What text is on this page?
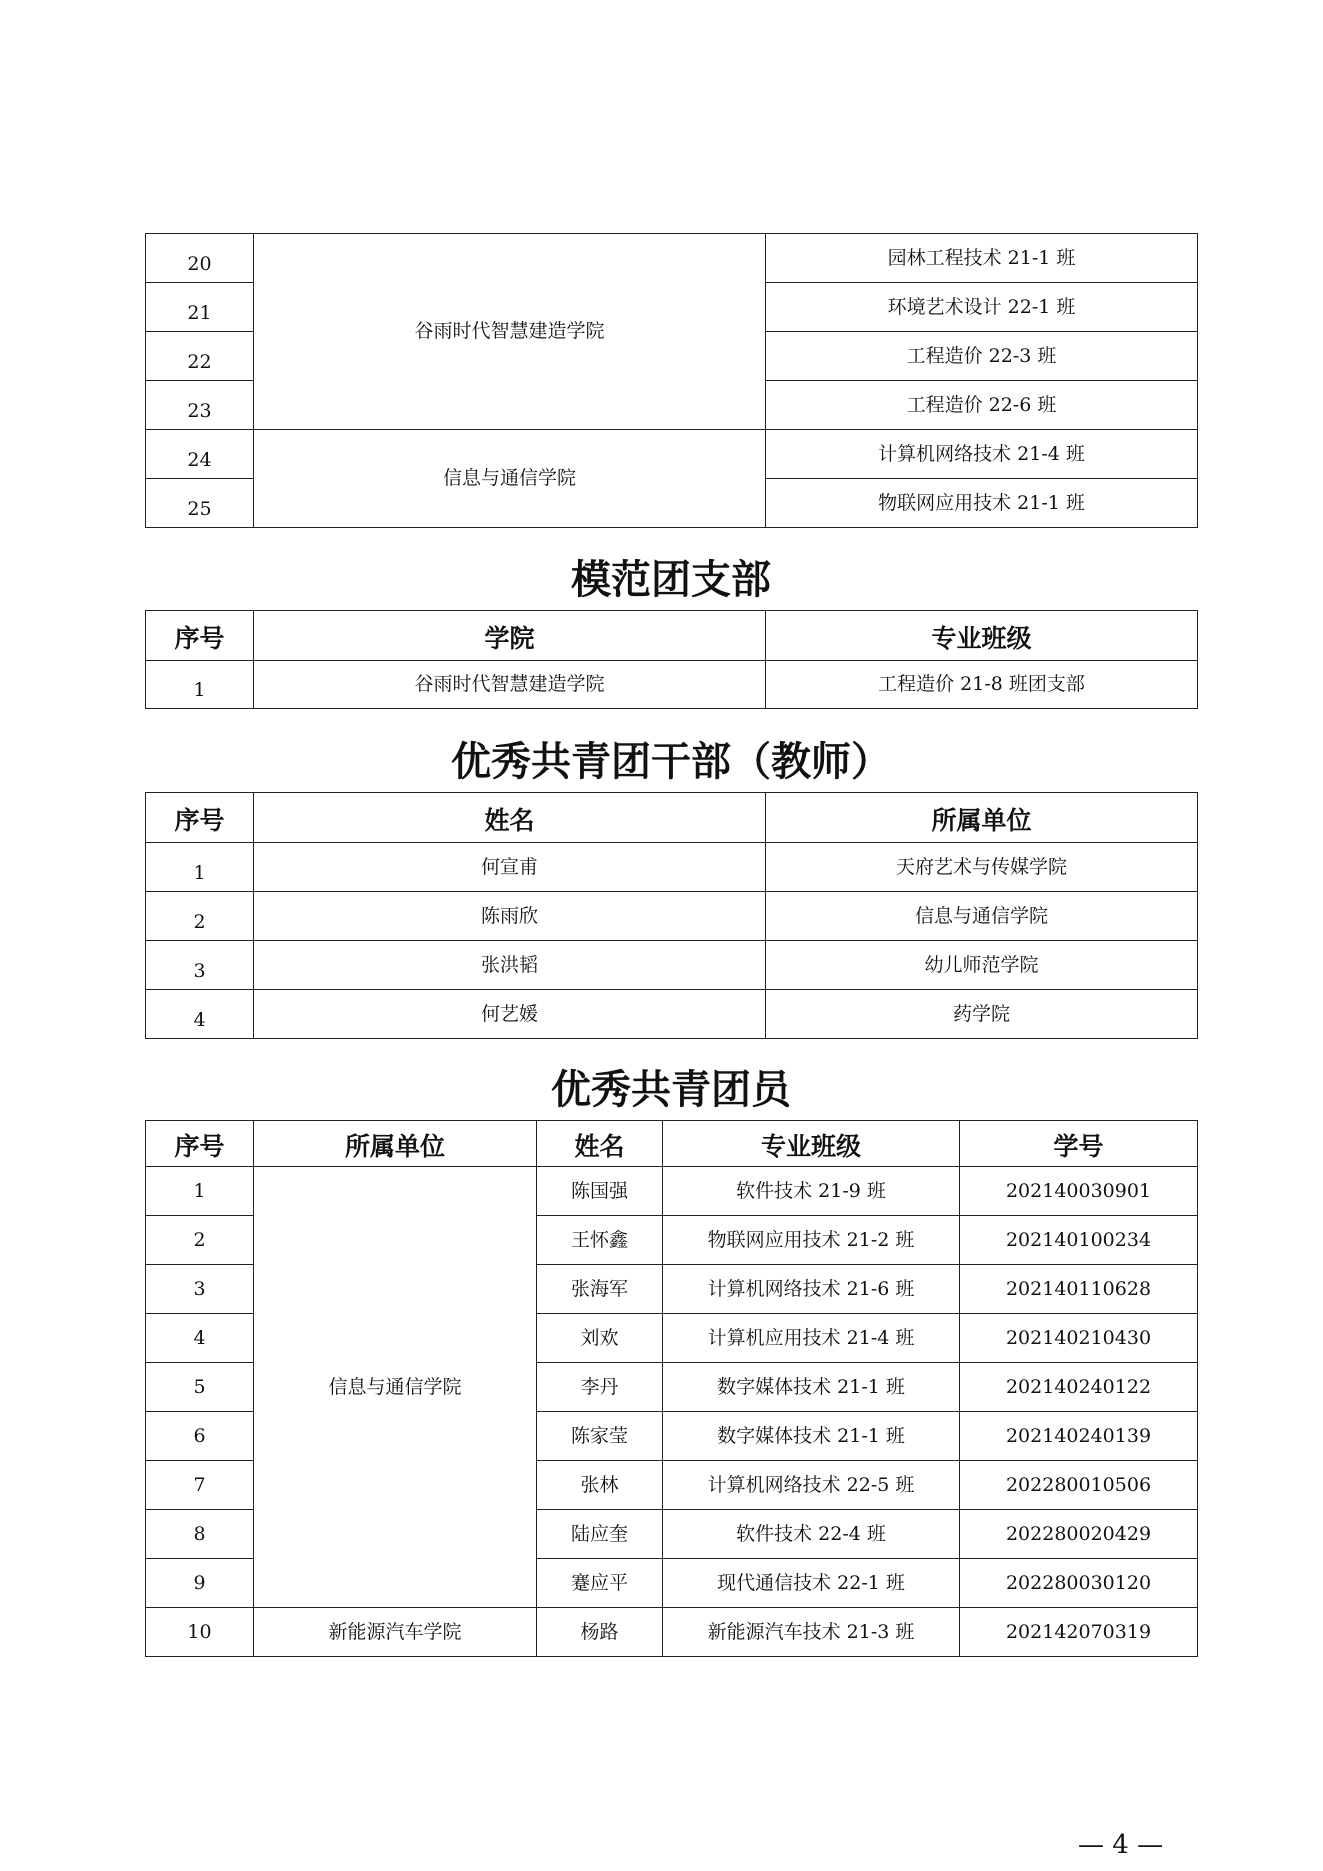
20	谷雨时代智慧建造学院	园林工程技术 21-1 班
21		环境艺术设计 22-1 班
22		工程造价 22-3 班
23		工程造价 22-6 班
24	信息与通信学院	计算机网络技术 21-4 班
25		物联网应用技术 21-1 班
模范团支部
序号	学院	专业班级
1	谷雨时代智慧建造学院	工程造价 21-8 班团支部
优秀共青团干部（教师）
序号	姓名	所属单位
1	何宣甫	天府艺术与传媒学院
2	陈雨欣	信息与通信学院
3	张洪韬	幼儿师范学院
4	何艺媛	药学院
优秀共青团员
序号	所属单位	姓名	专业班级	学号
1	信息与通信学院	陈国强	软件技术 21-9 班	202140030901
2		王怀鑫	物联网应用技术 21-2 班	202140100234
3		张海军	计算机网络技术 21-6 班	202140110628
4		刘欢	计算机应用技术 21-4 班	202140210430
5		李丹	数字媒体技术 21-1 班	202140240122
6		陈家莹	数字媒体技术 21-1 班	202140240139
7		张林	计算机网络技术 22-5 班	202280010506
8		陆应奎	软件技术 22-4 班	202280020429
9		蹇应平	现代通信技术 22-1 班	202280030120
10	新能源汽车学院	杨路	新能源汽车技术 21-3 班	202142070319
— 4 —
